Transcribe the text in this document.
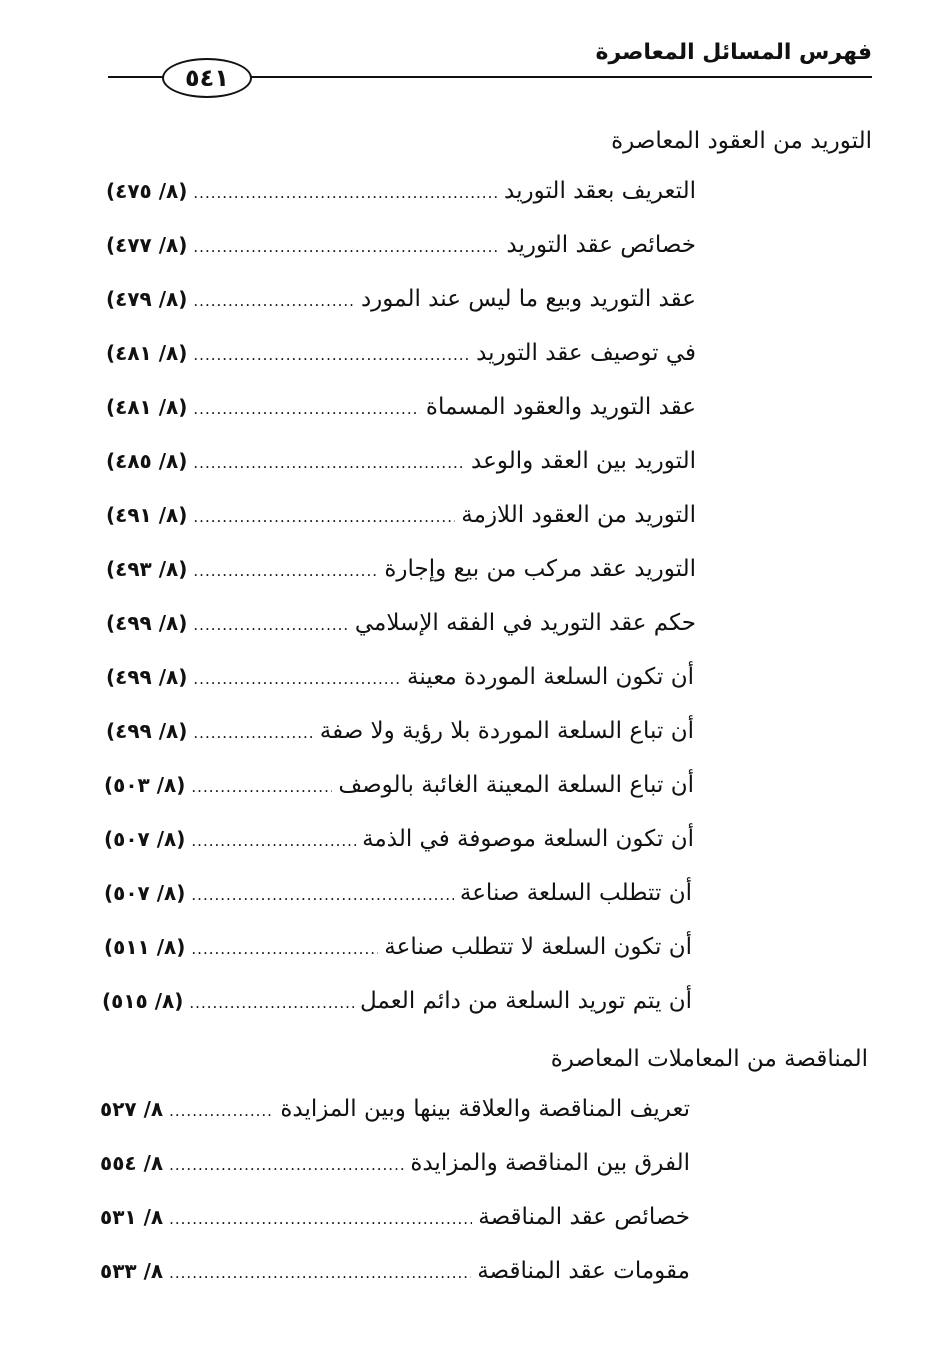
فهرس المسائل المعاصرة
٥٤١
التوريد من العقود المعاصرة
التعريف بعقد التوريد
.....
(٨/ ٤٧٥)
خصائص عقد التوريد
.....
(٨/ ٤٧٧)
عقد التوريد وبيع ما ليس عند المورد
.....
(٨/ ٤٧٩)
في توصيف عقد التوريد
.....
(٨/ ٤٨١)
عقد التوريد والعقود المسماة
.....
(٨/ ٤٨١)
التوريد بين العقد والوعد
.....
(٨/ ٤٨٥)
التوريد من العقود اللازمة
.....
(٨/ ٤٩١)
التوريد عقد مركب من بيع وإجارة
.....
(٨/ ٤٩٣)
حكم عقد التوريد في الفقه الإسلامي
.....
(٨/ ٤٩٩)
أن تكون السلعة الموردة معينة
.....
(٨/ ٤٩٩)
أن تباع السلعة الموردة بلا رؤية ولا صفة
.....
(٨/ ٤٩٩)
أن تباع السلعة المعينة الغائبة بالوصف
.....
(٨/ ٥٠٣)
أن تكون السلعة موصوفة في الذمة
.....
(٨/ ٥٠٧)
أن تتطلب السلعة صناعة
.....
(٨/ ٥٠٧)
أن تكون السلعة لا تتطلب صناعة
.....
(٨/ ٥١١)
أن يتم توريد السلعة من دائم العمل
.....
(٨/ ٥١٥)
المناقصة من المعاملات المعاصرة
تعريف المناقصة والعلاقة بينها وبين المزايدة
.....
٨/ ٥٢٧
الفرق بين المناقصة والمزايدة
.....
٨/ ٥٥٤
خصائص عقد المناقصة
.....
٨/ ٥٣١
مقومات عقد المناقصة
.....
٨/ ٥٣٣
